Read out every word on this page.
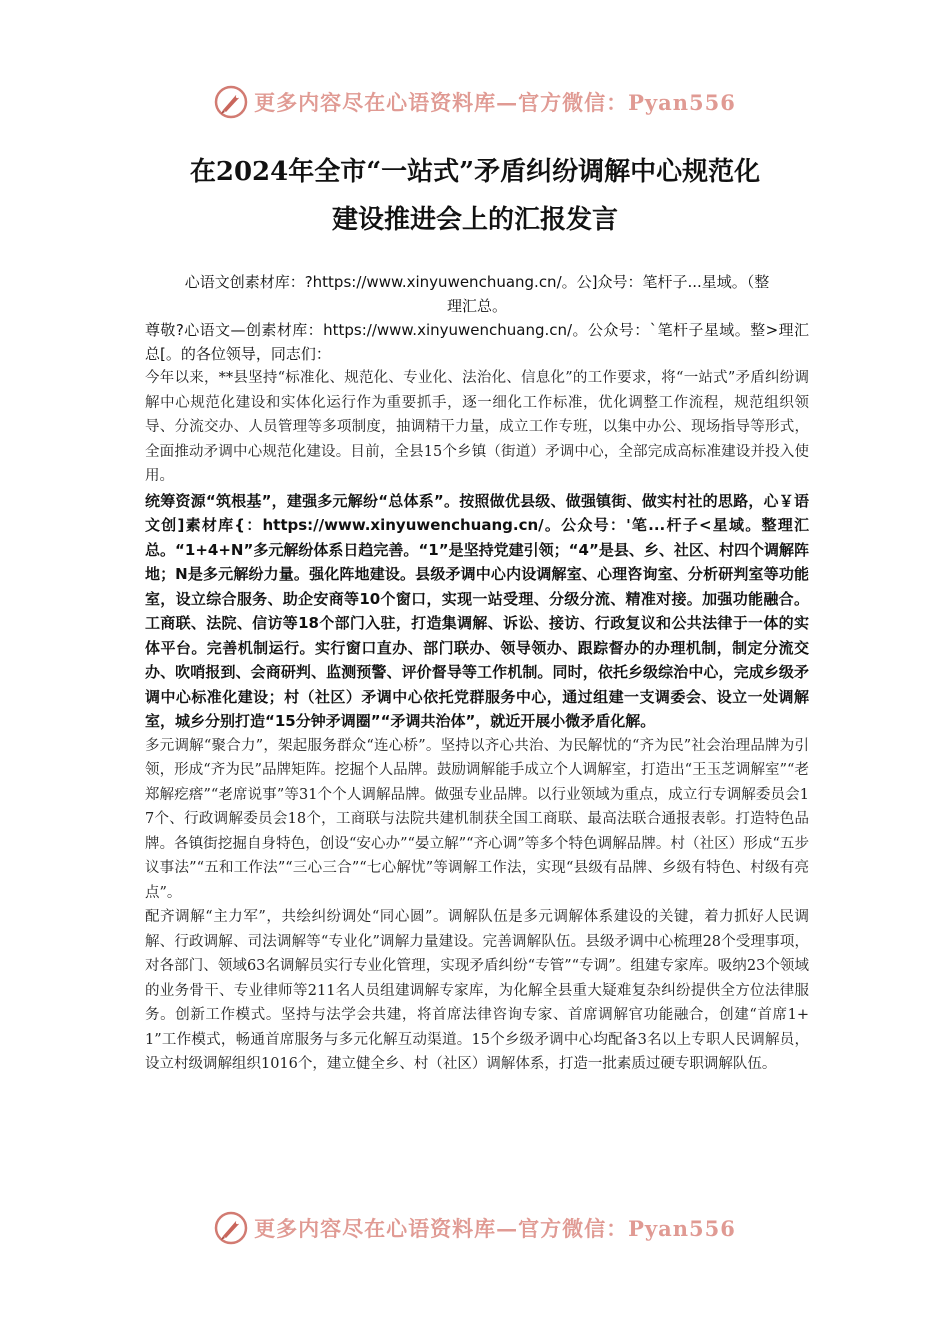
更多内容尽在心语资料库—官方微信：Pyan556
在2024年全市“一站式”矛盾纠纷调解中心规范化
建设推进会上的汇报发言

心语文创素材库：?https://www.xinyuwenchuang.cn/。公]众号：笔杆子...星域。（整

理汇总。

尊敬?心语文—创素材库：https://www.xinyuwenchuang.cn/。公众号：`笔杆子星域。整>理汇总[。的各位领导，同志们：

今年以来，**县坚持“标准化、规范化、专业化、法治化、信息化”的工作要求，将“一站式”矛盾纠纷调解中心规范化建设和实体化运行作为重要抓手，逐一细化工作标准，优化调整工作流程，规范组织领导、分流交办、人员管理等多项制度，抽调精干力量，成立工作专班，以集中办公、现场指导等形式，全面推动矛调中心规范化建设。目前，全县15个乡镇（街道）矛调中心，全部完成高标准建设并投入使用。

统筹资源“筑根基”，建强多元解纷“总体系”。按照做优县级、做强镇街、做实村社的思路，心￥语文创]素材库{：https://www.xinyuwenchuang.cn/。公众号：'笔...杆子<星域。整理汇总。“1+4+N”多元解纷体系日趋完善。“1”是坚持党建引领；“4”是县、乡、社区、村四个调解阵地；N是多元解纷力量。强化阵地建设。县级矛调中心内设调解室、心理咨询室、分析研判室等功能室，设立综合服务、助企安商等10个窗口，实现一站受理、分级分流、精准对接。加强功能融合。工商联、法院、信访等18个部门入驻，打造集调解、诉讼、接访、行政复议和公共法律于一体的实体平台。完善机制运行。实行窗口直办、部门联办、领导领办、跟踪督办的办理机制，制定分流交办、吹哨报到、会商研判、监测预警、评价督导等工作机制。同时，依托乡级综治中心，完成乡级矛调中心标准化建设；村（社区）矛调中心依托党群服务中心，通过组建一支调委会、设立一处调解室，城乡分别打造“15分钟矛调圈”“矛调共治体”，就近开展小微矛盾化解。

多元调解“聚合力”，架起服务群众“连心桥”。坚持以齐心共治、为民解忧的“齐为民”社会治理品牌为引领，形成“齐为民”品牌矩阵。挖掘个人品牌。鼓励调解能手成立个人调解室，打造出“王玉芝调解室”“老郑解疙瘩”“老席说事”等31个个人调解品牌。做强专业品牌。以行业领域为重点，成立行专调解委员会17个、行政调解委员会18个，工商联与法院共建机制获全国工商联、最高法联合通报表彰。打造特色品牌。各镇街挖掘自身特色，创设“安心办”“晏立解”“齐心调”等多个特色调解品牌。村（社区）形成“五步议事法”“五和工作法”“三心三合”“七心解忧”等调解工作法，实现“县级有品牌、乡级有特色、村级有亮点”。

配齐调解“主力军”，共绘纠纷调处“同心圆”。调解队伍是多元调解体系建设的关键，着力抓好人民调解、行政调解、司法调解等“专业化”调解力量建设。完善调解队伍。县级矛调中心梳理28个受理事项，对各部门、领域63名调解员实行专业化管理，实现矛盾纠纷“专管”“专调”。组建专家库。吸纳23个领域的业务骨干、专业律师等211名人员组建调解专家库，为化解全县重大疑难复杂纠纷提供全方位法律服务。创新工作模式。坚持与法学会共建，将首席法律咨询专家、首席调解官功能融合，创建“首席1+1”工作模式，畅通首席服务与多元化解互动渠道。15个乡级矛调中心均配备3名以上专职人民调解员，设立村级调解组织1016个，建立健全乡、村（社区）调解体系，打造一批素质过硬专职调解队伍。

更多内容尽在心语资料库—官方微信：Pyan556
